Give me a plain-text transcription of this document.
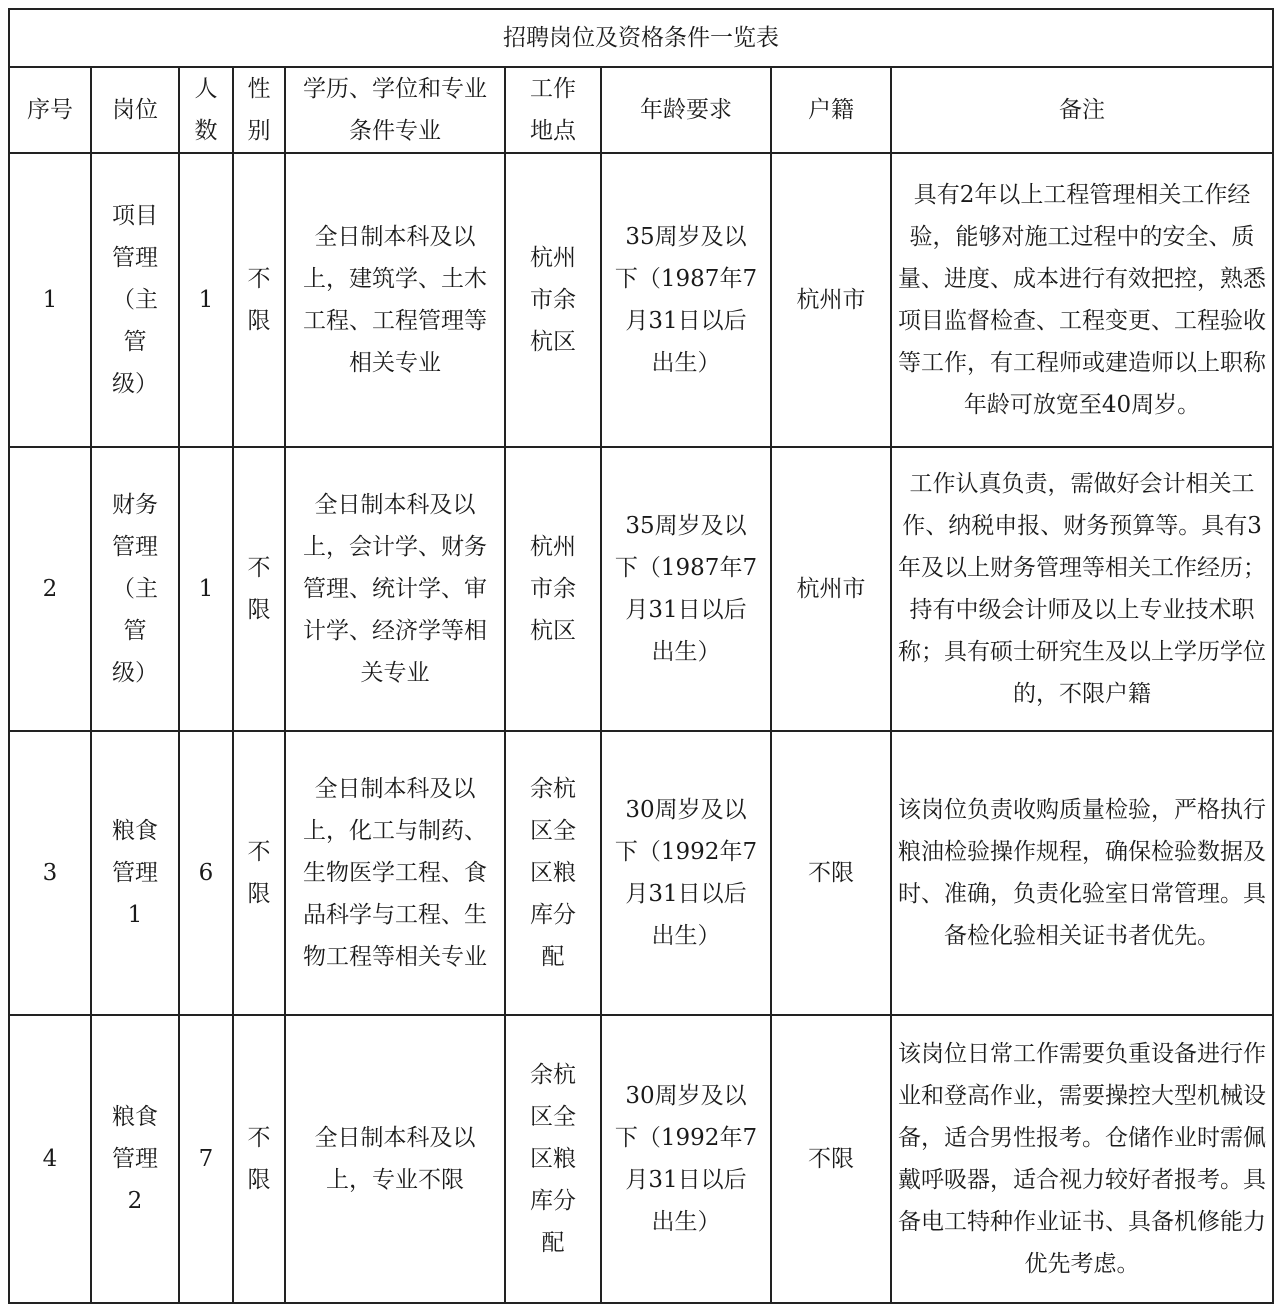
招聘岗位及资格条件一览表								
序号	岗位	人数	性别	学历、学位和专业条件专业	工作地点	年龄要求	户籍	备注
1	项目管理（主管级）	1	不限	全日制本科及以上，建筑学、土木工程、工程管理等相关专业	杭州市余杭区	35周岁及以下（1987年7月31日以后出生）	杭州市	具有2年以上工程管理相关工作经验，能够对施工过程中的安全、质量、进度、成本进行有效把控，熟悉项目监督检查、工程变更、工程验收等工作，有工程师或建造师以上职称年龄可放宽至40周岁。
2	财务管理（主管级）	1	不限	全日制本科及以上，会计学、财务管理、统计学、审计学、经济学等相关专业	杭州市余杭区	35周岁及以下（1987年7月31日以后出生）	杭州市	工作认真负责，需做好会计相关工作、纳税申报、财务预算等。具有3年及以上财务管理等相关工作经历；持有中级会计师及以上专业技术职称；具有硕士研究生及以上学历学位的，不限户籍
3	粮食管理1	6	不限	全日制本科及以上，化工与制药、生物医学工程、食品科学与工程、生物工程等相关专业	余杭区全区粮库分配	30周岁及以下（1992年7月31日以后出生）	不限	该岗位负责收购质量检验，严格执行粮油检验操作规程，确保检验数据及时、准确，负责化验室日常管理。具备检化验相关证书者优先。
4	粮食管理2	7	不限	全日制本科及以上，专业不限	余杭区全区粮库分配	30周岁及以下（1992年7月31日以后出生）	不限	该岗位日常工作需要负重设备进行作业和登高作业，需要操控大型机械设备，适合男性报考。仓储作业时需佩戴呼吸器，适合视力较好者报考。具备电工特种作业证书、具备机修能力优先考虑。
